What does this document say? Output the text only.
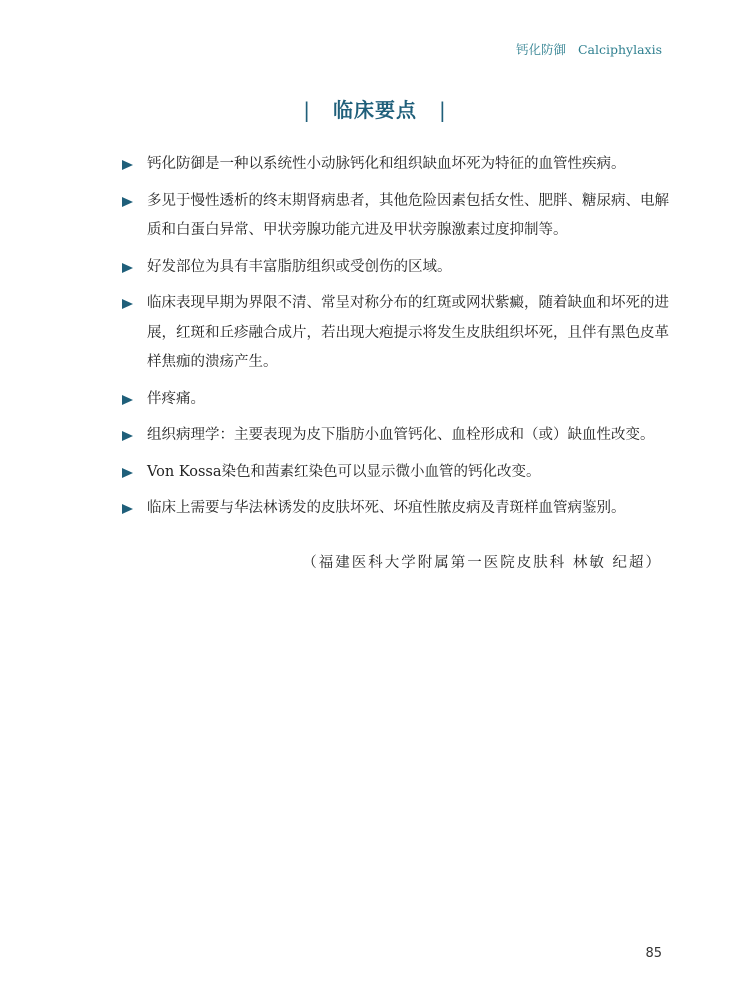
钙化防御 Calciphylaxis
| 临床要点 |
钙化防御是一种以系统性小动脉钙化和组织缺血坏死为特征的血管性疾病。
多见于慢性透析的终末期肾病患者，其他危险因素包括女性、肥胖、糖尿病、电解质和白蛋白异常、甲状旁腺功能亢进及甲状旁腺激素过度抑制等。
好发部位为具有丰富脂肪组织或受创伤的区域。
临床表现早期为界限不清、常呈对称分布的红斑或网状紫癜，随着缺血和坏死的进展，红斑和丘疹融合成片，若出现大疱提示将发生皮肤组织坏死，且伴有黑色皮革样焦痂的溃疡产生。
伴疼痛。
组织病理学：主要表现为皮下脂肪小血管钙化、血栓形成和（或）缺血性改变。
Von Kossa染色和茜素红染色可以显示微小血管的钙化改变。
临床上需要与华法林诱发的皮肤坏死、坏疽性脓皮病及青斑样血管病鉴别。
（福建医科大学附属第一医院皮肤科 林敏 纪超）
85
